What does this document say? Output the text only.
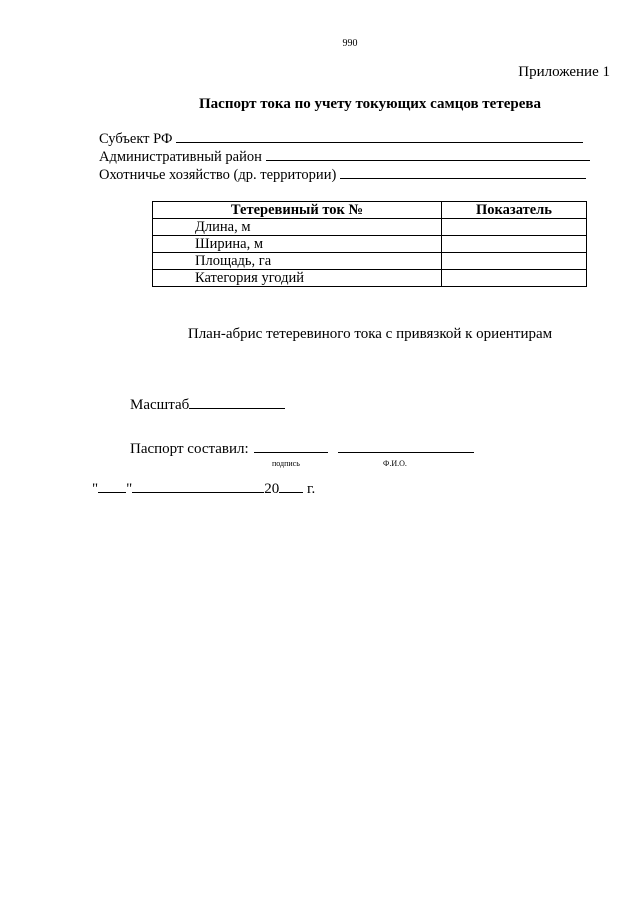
990
Приложение 1
Паспорт тока по учету токующих самцов тетерева
Субъект РФ
Административный район
Охотничье хозяйство (др. территории)
Тетеревиный ток №	Показатель
Длина, м	
Ширина, м	
Площадь, га	
Категория угодий	
План-абрис тетеревиного тока с привязкой к ориентирам
Масштаб
Паспорт составил:
подпись	Ф.И.О.
" "	20 г.
